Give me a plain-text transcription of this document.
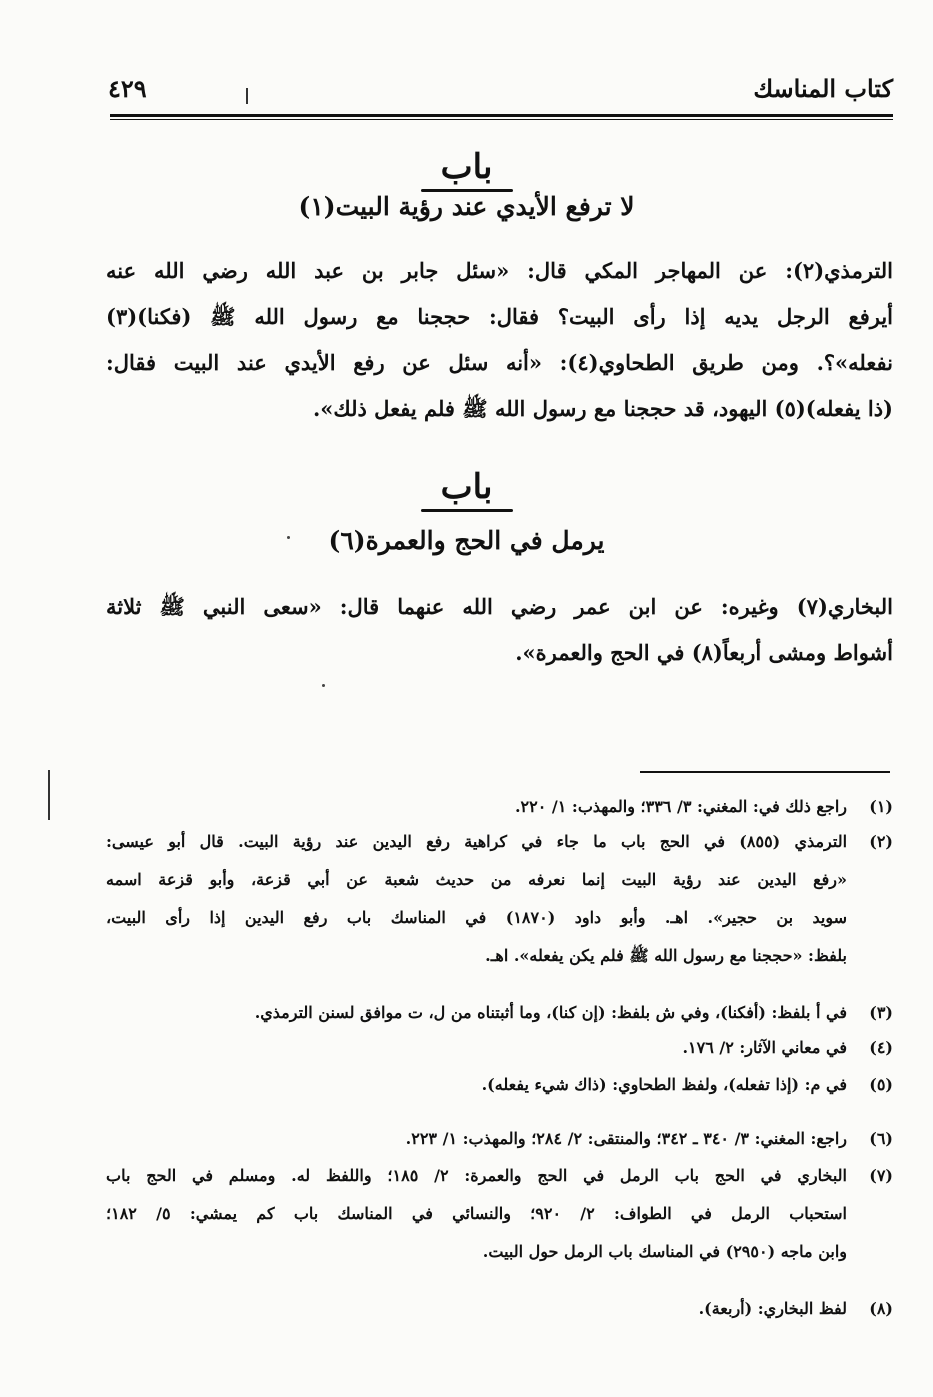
كتاب المناسك
٤٢٩
باب
لا ترفع الأيدي عند رؤية البيت(١)
الترمذي(٢): عن المهاجر المكي قال: «سئل جابر بن عبد الله رضي الله عنه
أيرفع الرجل يديه إذا رأى البيت؟ فقال: حججنا مع رسول الله ﷺ (فكنا)(٣)
نفعله»؟. ومن طريق الطحاوي(٤): «أنه سئل عن رفع الأيدي عند البيت فقال:
(ذا يفعله)(٥) اليهود، قد حججنا مع رسول الله ﷺ فلم يفعل ذلك».
باب
يرمل في الحج والعمرة(٦)
البخاري(٧) وغيره: عن ابن عمر رضي الله عنهما قال: «سعى النبي ﷺ ثلاثة
أشواط ومشى أربعاً(٨) في الحج والعمرة».
(١)
راجع ذلك في: المغني: ٣/ ٣٣٦؛ والمهذب: ١/ ٢٢٠.
(٢)
الترمذي (٨٥٥) في الحج باب ما جاء في كراهية رفع اليدين عند رؤية البيت. قال أبو عيسى:
«رفع اليدين عند رؤية البيت إنما نعرفه من حديث شعبة عن أبي قزعة، وأبو قزعة اسمه
سويد بن حجير». اهـ. وأبو داود (١٨٧٠) في المناسك باب رفع اليدين إذا رأى البيت،
بلفظ: «حججنا مع رسول الله ﷺ فلم يكن يفعله». اهـ.
(٣)
في أ بلفظ: (أفكنا)، وفي ش بلفظ: (إن كنا)، وما أثبتناه من ل، ت موافق لسنن الترمذي.
(٤)
في معاني الآثار: ٢/ ١٧٦.
(٥)
في م: (إذا تفعله)، ولفظ الطحاوي: (ذاك شيء يفعله).
(٦)
راجع: المغني: ٣/ ٣٤٠ ـ ٣٤٢؛ والمنتقى: ٢/ ٢٨٤؛ والمهذب: ١/ ٢٢٣.
(٧)
البخاري في الحج باب الرمل في الحج والعمرة: ٢/ ١٨٥؛ واللفظ له. ومسلم في الحج باب
استحباب الرمل في الطواف: ٢/ ٩٢٠؛ والنسائي في المناسك باب كم يمشي: ٥/ ١٨٢؛
وابن ماجه (٢٩٥٠) في المناسك باب الرمل حول البيت.
(٨)
لفظ البخاري: (أربعة).
